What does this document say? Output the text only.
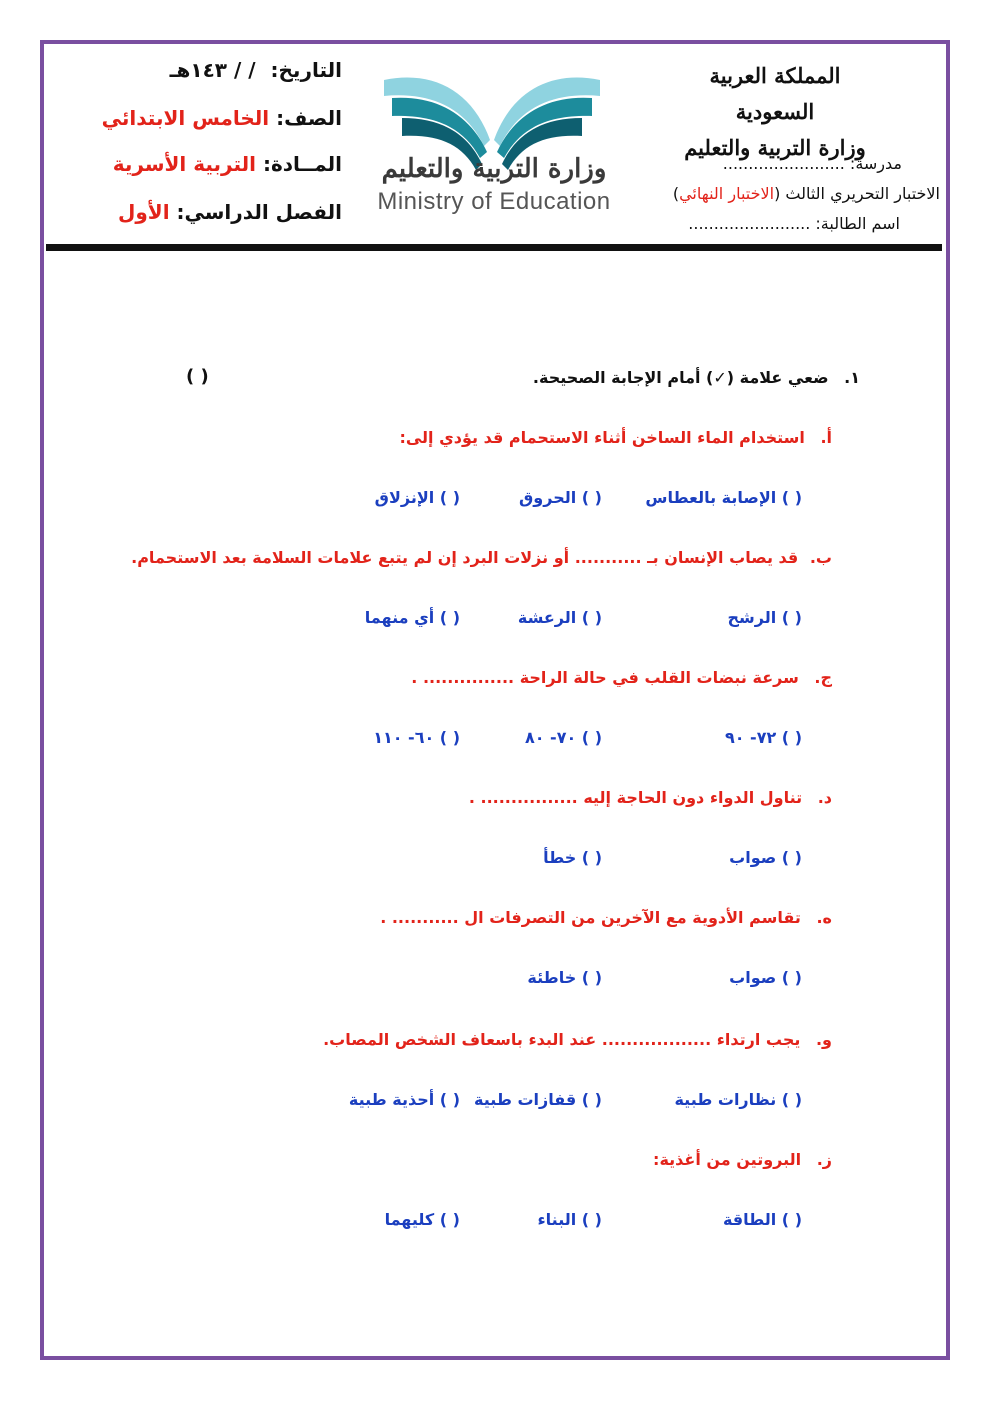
المملكة العربية السعودية
وزارة التربية والتعليم
مدرسة: ........................
الاختبار التحريري الثالث (الاختبار النهائي)
اسم الطالبة: ........................
وزارة التربية والتعليم
Ministry of Education
التاريخ: / / ١٤٣هـ
الصف: الخامس الابتدائي
المــادة: التربية الأسرية
الفصل الدراسي: الأول
١. ضعي علامة (✓) أمام الإجابة الصحيحة.
( )
أ. استخدام الماء الساخن أثناء الاستحمام قد يؤدي إلى:
( ) الإصابة بالعطاس
( ) الحروق
( ) الإنزلاق
ب. قد يصاب الإنسان بـ ........... أو نزلات البرد إن لم يتبع علامات السلامة بعد الاستحمام.
( ) الرشح
( ) الرعشة
( ) أي منهما
ج. سرعة نبضات القلب في حالة الراحة ............... .
( ) ٧٢- ٩٠
( ) ٧٠- ٨٠
( ) ٦٠- ١١٠
د. تناول الدواء دون الحاجة إليه ................ .
( ) صواب
( ) خطأ
ه. تقاسم الأدوية مع الآخرين من التصرفات ال ........... .
( ) صواب
( ) خاطئة
و. يجب ارتداء .................. عند البدء باسعاف الشخص المصاب.
( ) نظارات طبية
( ) قفازات طبية
( ) أحذية طبية
ز. البروتين من أغذية:
( ) الطاقة
( ) البناء
( ) كليهما
